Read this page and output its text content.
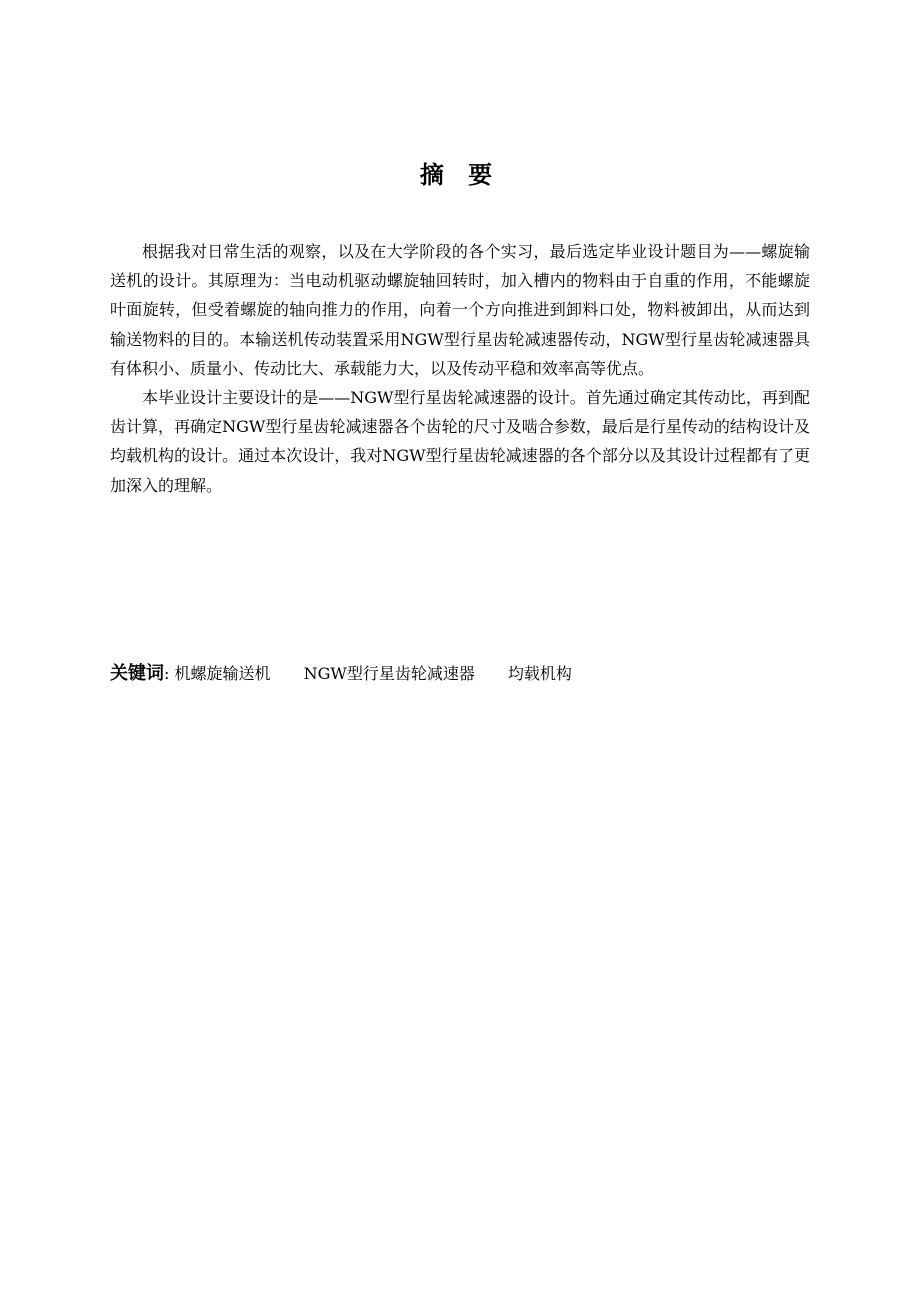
摘 要

根据我对日常生活的观察，以及在大学阶段的各个实习，最后选定毕业设计题目为——螺旋输送机的设计。其原理为：当电动机驱动螺旋轴回转时，加入槽内的物料由于自重的作用，不能螺旋叶面旋转，但受着螺旋的轴向推力的作用，向着一个方向推进到卸料口处，物料被卸出，从而达到输送物料的目的。本输送机传动装置采用NGW型行星齿轮减速器传动，NGW型行星齿轮减速器具有体积小、质量小、传动比大、承载能力大，以及传动平稳和效率高等优点。

本毕业设计主要设计的是——NGW型行星齿轮减速器的设计。首先通过确定其传动比，再到配齿计算，再确定NGW型行星齿轮减速器各个齿轮的尺寸及啮合参数，最后是行星传动的结构设计及均载机构的设计。通过本次设计，我对NGW型行星齿轮减速器的各个部分以及其设计过程都有了更加深入的理解。

关键词: 机螺旋输送机 NGW型行星齿轮减速器 均载机构
